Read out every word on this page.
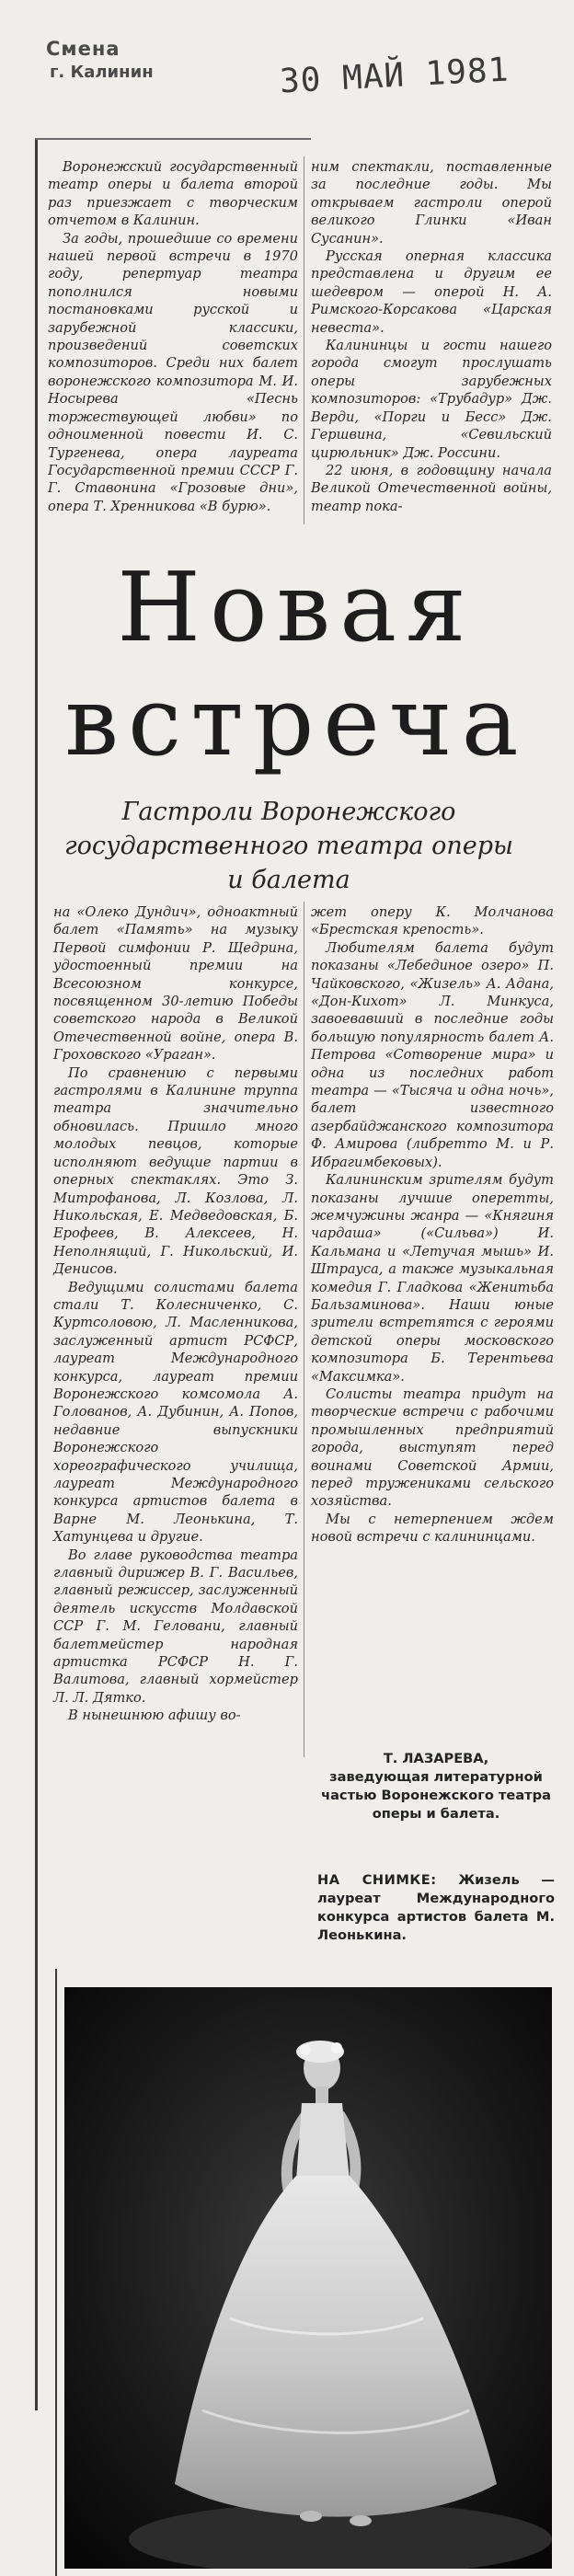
Смена
г. Калинин	30 МАЙ 1981

Воронежский государственный театр оперы и балета второй раз приезжает с творческим отчетом в Калинин.

За годы, прошедшие со времени нашей первой встречи в 1970 году, репертуар театра пополнился новыми постановками русской и зарубежной классики, произведений советских композиторов. Среди них балет воронежского композитора М. И. Носырева «Песнь торжествующей любви» по одноименной повести И. С. Тургенева, опера лауреата Государственной премии СССР Г. Г. Ставонина «Грозовые дни», опера Т. Хренникова «В бурю».

ним спектакли, поставленные за последние годы. Мы открываем гастроли оперой великого Глинки «Иван Сусанин».

Русская оперная классика представлена и другим ее шедевром — оперой Н. А. Римского-Корсакова «Царская невеста».

Калининцы и гости нашего города смогут прослушать оперы зарубежных композиторов: «Трубадур» Дж. Верди, «Порги и Бесс» Дж. Гершвина, «Севильский цирюльник» Дж. Россини.

22 июня, в годовщину начала Великой Отечественной войны, театр пока-

Новая встреча
Гастроли Воронежского государственного театра оперы и балета

на «Олеко Дундич», одноактный балет «Память» на музыку Первой симфонии Р. Щедрина, удостоенный премии на Всесоюзном конкурсе, посвященном 30-летию Победы советского народа в Великой Отечественной войне, опера В. Гроховского «Ураган».

По сравнению с первыми гастролями в Калинине труппа театра значительно обновилась. Пришло много молодых певцов, которые исполняют ведущие партии в оперных спектаклях. Это З. Митрофанова, Л. Козлова, Л. Никольская, Е. Медведовская, Б. Ерофеев, В. Алексеев, Н. Неполнящий, Г. Никольский, И. Денисов.

Ведущими солистами балета стали Т. Колесниченко, С. Куртсоловою, Л. Масленникова, заслуженный артист РСФСР, лауреат Международного конкурса, лауреат премии Воронежского комсомола А. Голованов, А. Дубинин, А. Попов, недавние выпускники Воронежского хореографического училища, лауреат Международного конкурса артистов балета в Варне М. Леонькина, Т. Хатунцева и другие.

Во главе руководства театра главный дирижер В. Г. Васильев, главный режиссер, заслуженный деятель искусств Молдавской ССР Г. М. Геловани, главный балетмейстер народная артистка РСФСР Н. Г. Валитова, главный хормейстер Л. Л. Дятко.

В нынешнюю афишу во-

жет оперу К. Молчанова «Брестская крепость».

Любителям балета будут показаны «Лебединое озеро» П. Чайковского, «Жизель» А. Адана, «Дон-Кихот» Л. Минкуса, завоевавший в последние годы большую популярность балет А. Петрова «Сотворение мира» и одна из последних работ театра — «Тысяча и одна ночь», балет известного азербайджанского композитора Ф. Амирова (либретто М. и Р. Ибрагимбековых).

Калининским зрителям будут показаны лучшие оперетты, жемчужины жанра — «Княгиня чардаша» («Сильва») И. Кальмана и «Летучая мышь» И. Штрауса, а также музыкальная комедия Г. Гладкова «Женитьба Бальзаминова». Наши юные зрители встретятся с героями детской оперы московского композитора Б. Терентьева «Максимка».

Солисты театра придут на творческие встречи с рабочими промышленных предприятий города, выступят перед воинами Советской Армии, перед тружениками сельского хозяйства.

Мы с нетерпением ждем новой встречи с калининцами.

Т. ЛАЗАРЕВА,
заведующая литературной частью Воронежского театра оперы и балета.
НА СНИМКЕ: Жизель — лауреат Международного конкурса артистов балета М. Леонькина.
